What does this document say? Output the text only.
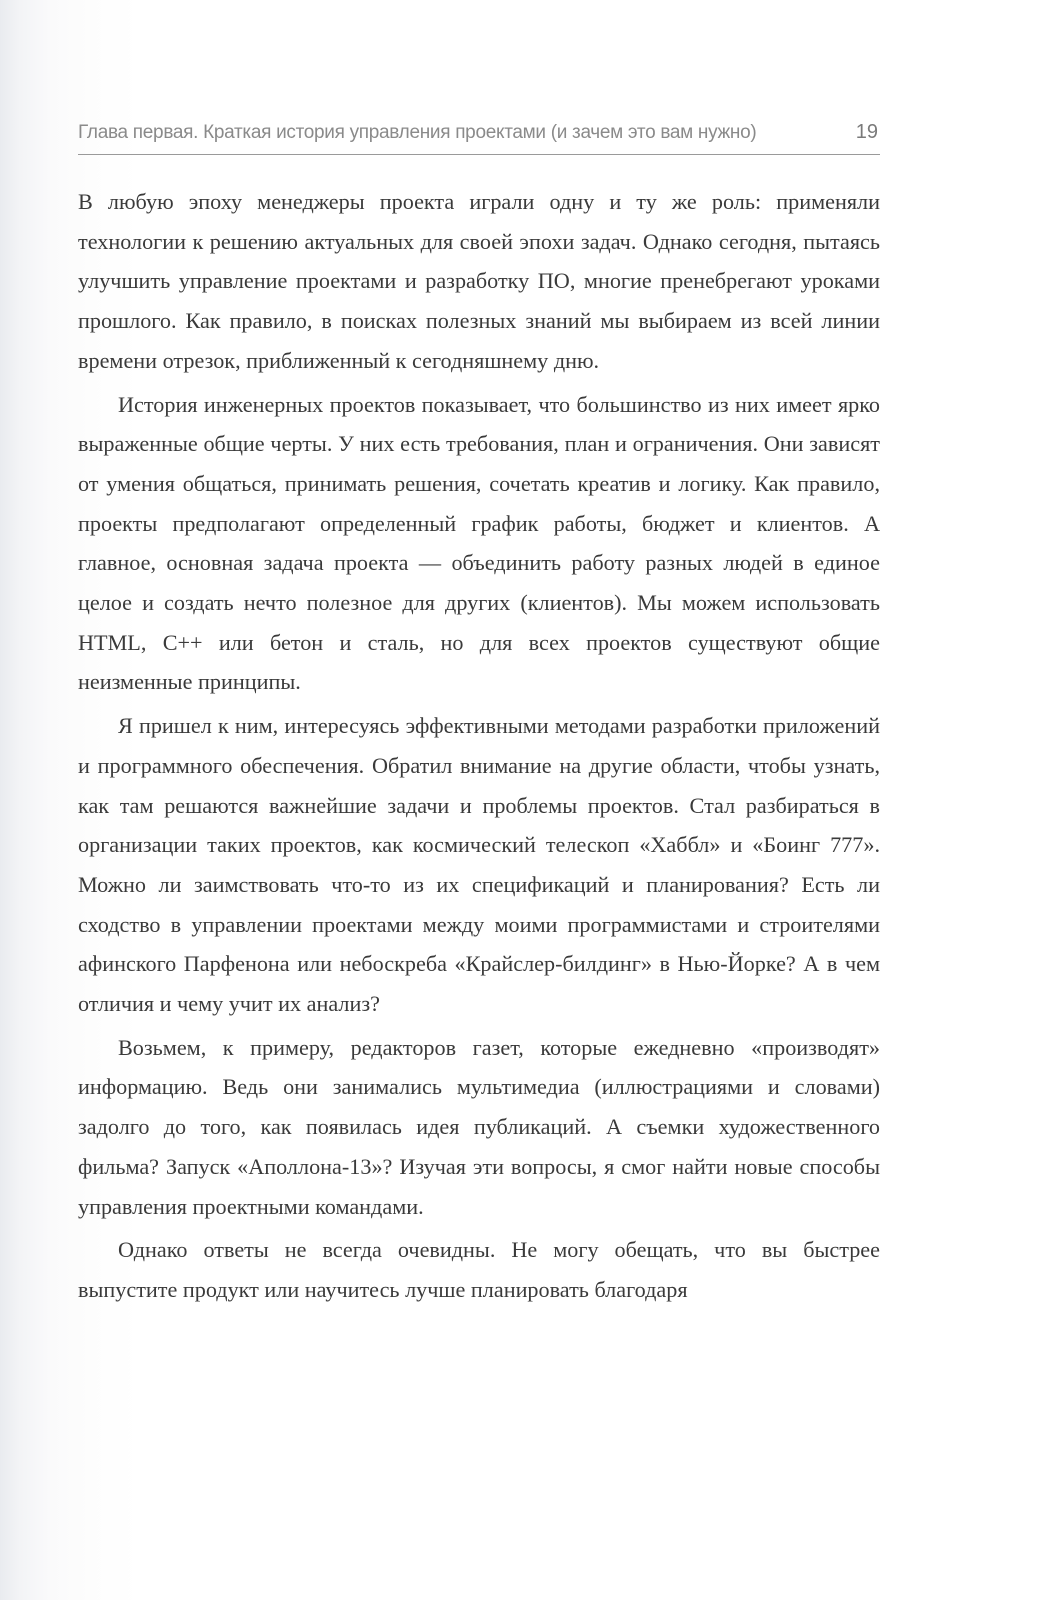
Глава первая. Краткая история управления проектами (и зачем это вам нужно)	19

В любую эпоху менеджеры проекта играли одну и ту же роль: применяли технологии к решению актуальных для своей эпохи задач. Однако сегодня, пытаясь улучшить управление проектами и разработку ПО, многие пренебрегают уроками прошлого. Как правило, в поисках полезных знаний мы выбираем из всей линии времени отрезок, приближенный к сегодняшнему дню.

История инженерных проектов показывает, что большинство из них имеет ярко выраженные общие черты. У них есть требования, план и ограничения. Они зависят от умения общаться, принимать решения, сочетать креатив и логику. Как правило, проекты предполагают определенный график работы, бюджет и клиентов. А главное, основная задача проекта — объединить работу разных людей в единое целое и создать нечто полезное для других (клиентов). Мы можем использовать HTML, C++ или бетон и сталь, но для всех проектов существуют общие неизменные принципы.

Я пришел к ним, интересуясь эффективными методами разработки приложений и программного обеспечения. Обратил внимание на другие области, чтобы узнать, как там решаются важнейшие задачи и проблемы проектов. Стал разбираться в организации таких проектов, как космический телескоп «Хаббл» и «Боинг 777». Можно ли заимствовать что-то из их спецификаций и планирования? Есть ли сходство в управлении проектами между моими программистами и строителями афинского Парфенона или небоскреба «Крайслер-билдинг» в Нью-Йорке? А в чем отличия и чему учит их анализ?

Возьмем, к примеру, редакторов газет, которые ежедневно «производят» информацию. Ведь они занимались мультимедиа (иллюстрациями и словами) задолго до того, как появилась идея публикаций. А съемки художественного фильма? Запуск «Аполлона-13»? Изучая эти вопросы, я смог найти новые способы управления проектными командами.

Однако ответы не всегда очевидны. Не могу обещать, что вы быстрее выпустите продукт или научитесь лучше планировать благодаря
